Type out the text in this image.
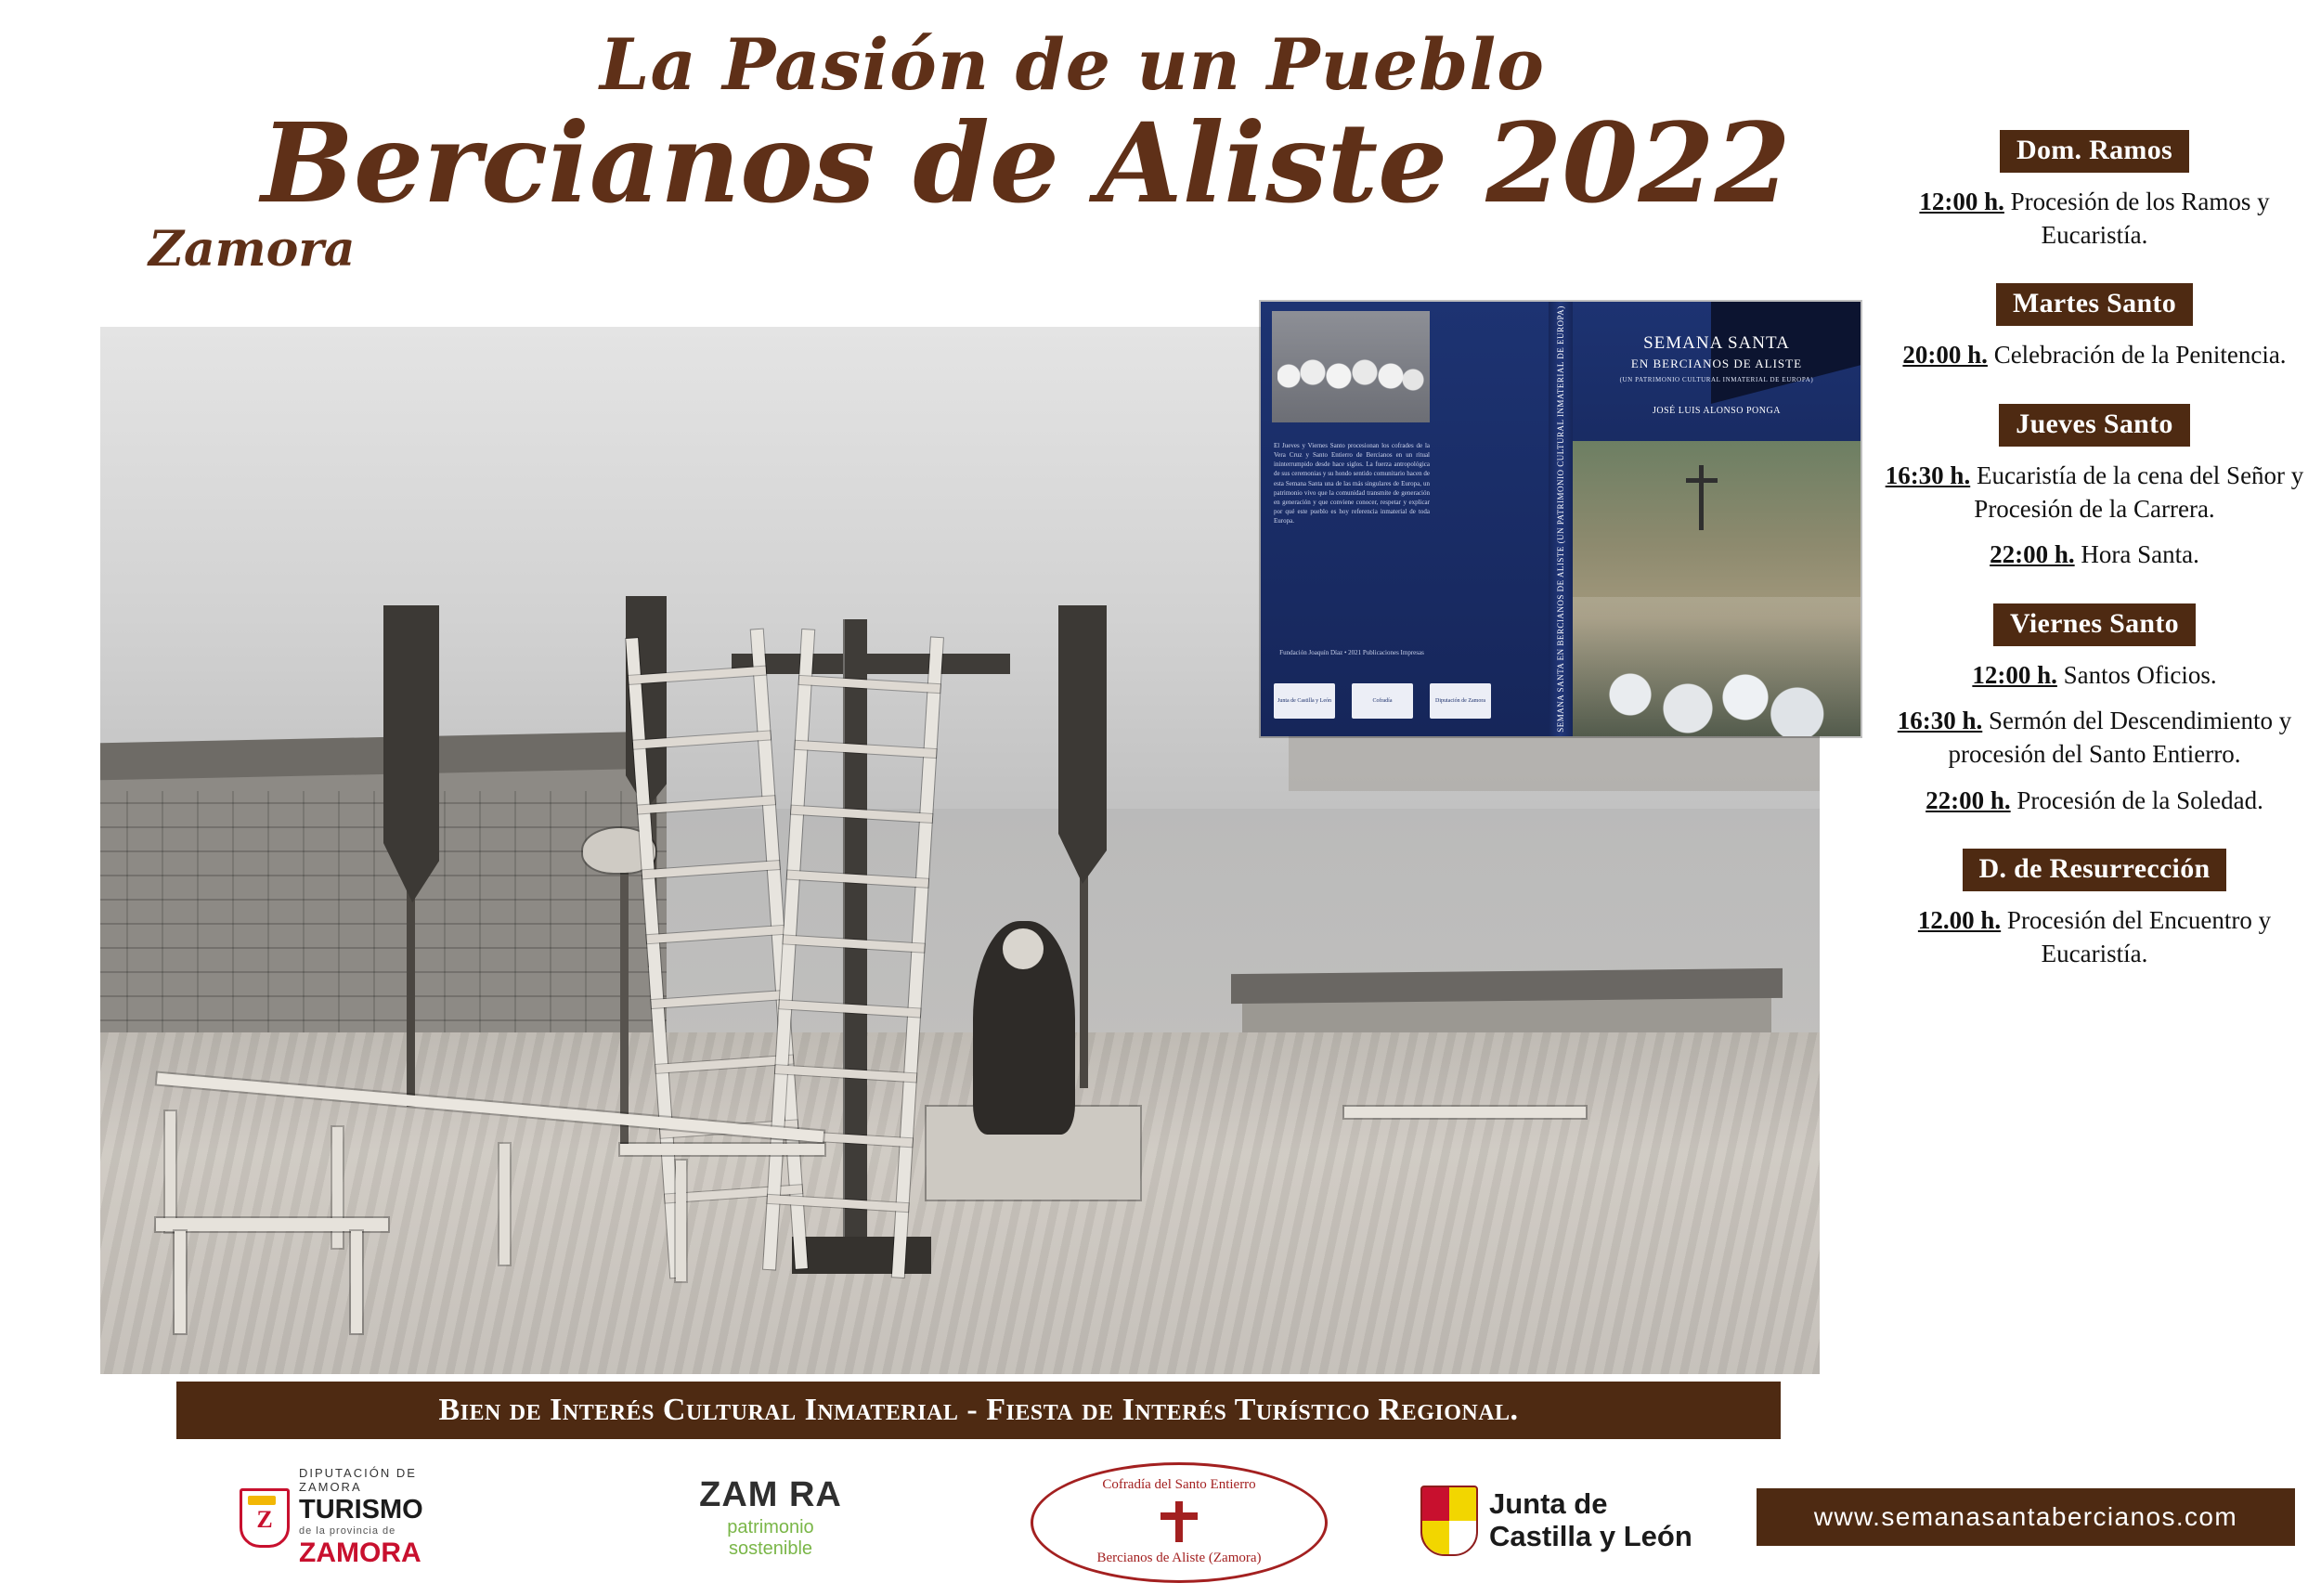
La Pasión de un Pueblo
Bercianos de Aliste 2022
Zamora
El Jueves y Viernes Santo procesionan los cofrades de la Vera Cruz y Santo Entierro de Bercianos en un ritual ininterrumpido desde hace siglos. La fuerza antropológica de sus ceremonias y su hondo sentido comunitario hacen de esta Semana Santa una de las más singulares de Europa, un patrimonio vivo que la comunidad transmite de generación en generación y que conviene conocer, respetar y explicar por qué este pueblo es hoy referencia inmaterial de toda Europa.
Fundación Joaquín Díaz • 2021 Publicaciones Impresas
Junta de Castilla y León	Cofradía	Diputación de Zamora	SEMANA SANTA EN BERCIANOS DE ALISTE (UN PATRIMONIO CULTURAL INMATERIAL DE EUROPA)	SEMANA SANTA
EN BERCIANOS DE ALISTE
(UN PATRIMONIO CULTURAL INMATERIAL DE EUROPA)
JOSÉ LUIS ALONSO PONGA
Bien de Interés Cultural Inmaterial - Fiesta de Interés Turístico Regional.
Dom. Ramos
12:00 h. Procesión de los Ramos y Eucaristía.
Martes Santo
20:00 h. Celebración de la Penitencia.
Jueves Santo
16:30 h. Eucaristía de la cena del Señor y Procesión de la Carrera.
22:00 h. Hora Santa.
Viernes Santo
12:00 h. Santos Oficios.
16:30 h. Sermón del Descendimiento y procesión del Santo Entierro.
22:00 h. Procesión de la Soledad.
D. de Resurrección
12.00 h. Procesión del Encuentro y Eucaristía.
Z
DIPUTACIÓN DE ZAMORA
TURISMO
de la provincia de
ZAMORA
ZAM RA
patrimonio
sostenible
Cofradía del Santo Entierro
Bercianos de Aliste (Zamora)
Junta de
Castilla y León
www.semanasantabercianos.com
